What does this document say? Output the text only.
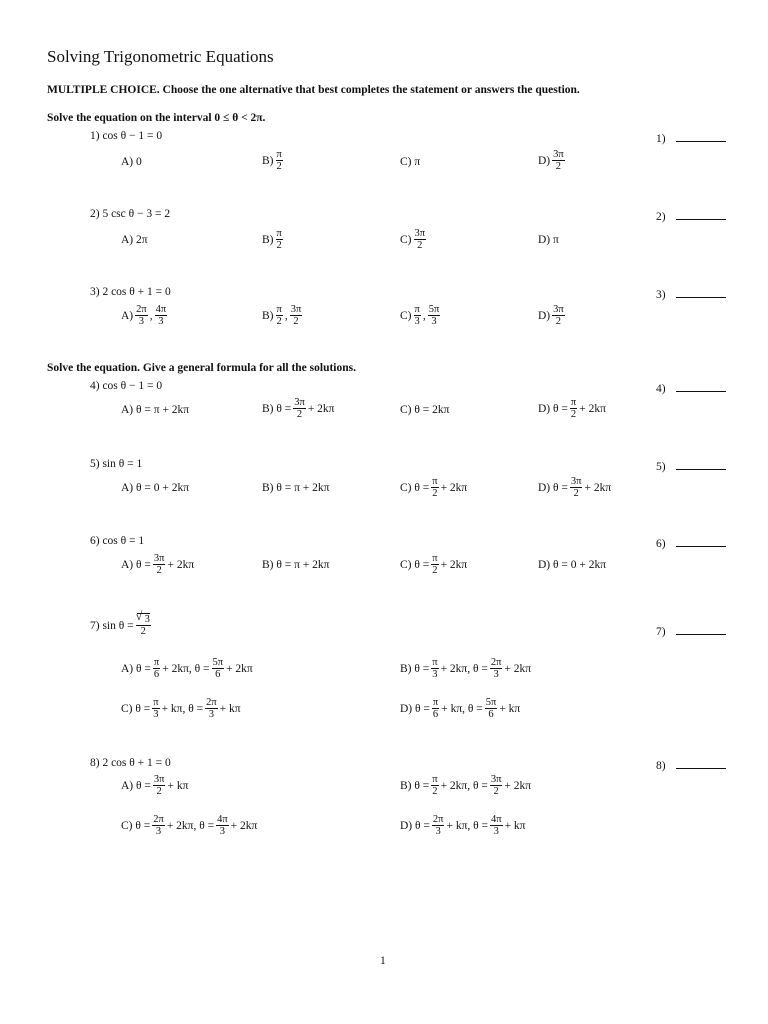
Solving Trigonometric Equations
MULTIPLE CHOICE. Choose the one alternative that best completes the statement or answers the question.
Solve the equation on the interval 0 ≤ θ < 2π.
1) cos θ − 1 = 0	1)
A)
0	$B) \frac{\pi}{2}$	C)
π	$D) \frac{3\pi}{2}$
2) 5 csc θ − 3 = 2	2)
A)
2π	$B) \frac{\pi}{2}$	$C) \frac{3\pi}{2}$	D)
π
3) 2 cos θ + 1 = 0	3)
$A) \frac{2\pi}{3}$ , $\frac{4\pi}{3}$	$B) \frac{\pi}{2}$ , $\frac{3\pi}{2}$	$C) \frac{\pi}{3}$ , $\frac{5\pi}{3}$	$D) \frac{3\pi}{2}$
Solve the equation. Give a general formula for all the solutions.
4) cos θ − 1 = 0	4)
A)
θ = π + 2kπ	B)
$\theta = \frac{3\pi}{2} + 2k\pi$	C)
θ = 2kπ	D)
$\theta = \frac{\pi}{2} + 2k\pi$
5) sin θ = 1	5)
A)
θ = 0 + 2kπ	B)
θ = π + 2kπ	C)
$\theta = \frac{\pi}{2} + 2k\pi$	D)
$\theta = \frac{3\pi}{2} + 2k\pi$
6) cos θ = 1	6)
A)
$\theta = \frac{3\pi}{2} + 2k\pi$	B)
θ = π + 2kπ	C)
$\theta = \frac{\pi}{2} + 2k\pi$	D)
θ = 0 + 2kπ
7) sin θ =
√ $\frac{3}{2}$	7)
A)
$\theta = \frac{\pi}{6} + 2k\pi$ , $\theta = \frac{5\pi}{6} + 2k\pi$	B)
$\theta = \frac{\pi}{3} + 2k\pi$ , $\theta = \frac{2\pi}{3} + 2k\pi$
C)
$\theta = \frac{\pi}{3} + k\pi$ , $\theta = \frac{2\pi}{3} + k\pi$	D)
$\theta = \frac{\pi}{6} + k\pi$ , $\theta = \frac{5\pi}{6} + k\pi$
8) 2 cos θ + 1 = 0	8)
A)
$\theta = \frac{3\pi}{2} + k\pi$	B)
$\theta = \frac{\pi}{2} + 2k\pi$ , $\theta = \frac{3\pi}{2} + 2k\pi$
C)
$\theta = \frac{2\pi}{3} + 2k\pi$ , $\theta = \frac{4\pi}{3} + 2k\pi$	D)
$\theta = \frac{2\pi}{3} + k\pi$ , $\theta = \frac{4\pi}{3} + k\pi$
1
